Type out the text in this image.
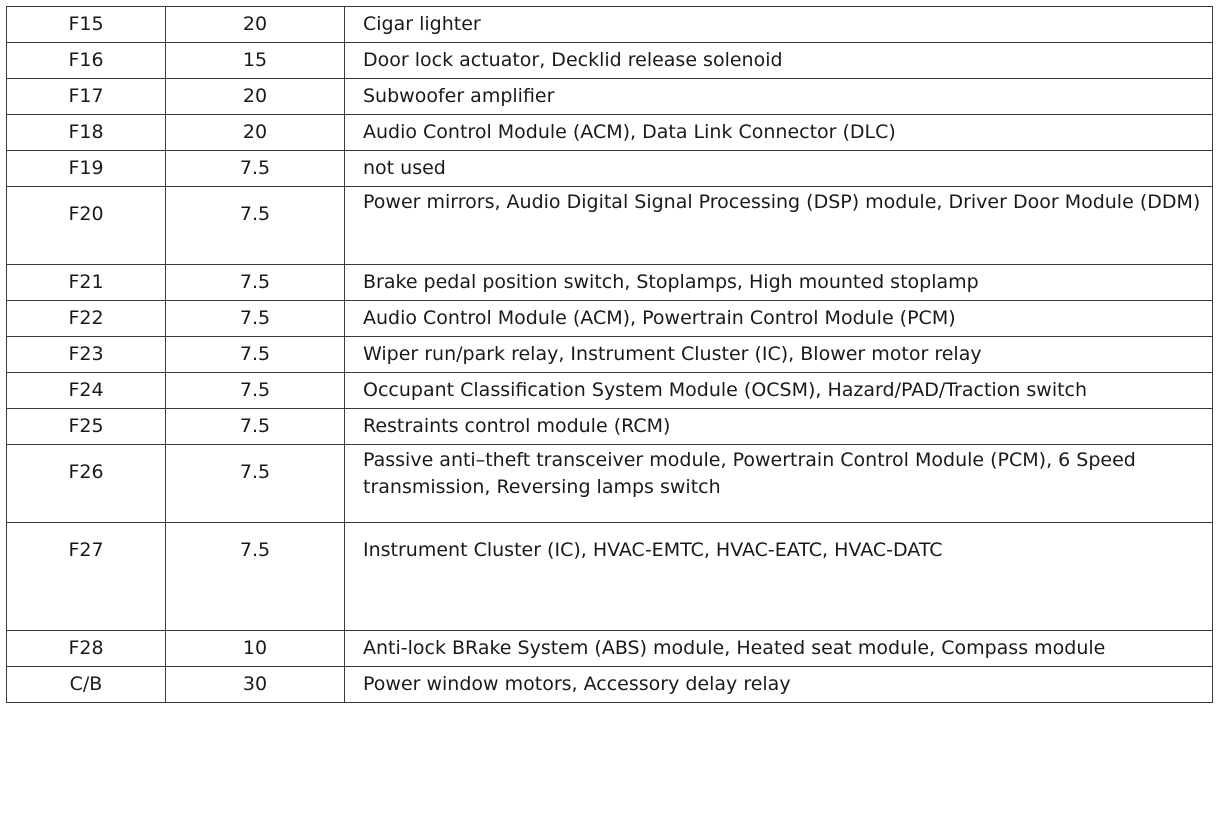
F15	20	Cigar lighter
F16	15	Door lock actuator, Decklid release solenoid
F17	20	Subwoofer amplifier
F18	20	Audio Control Module (ACM), Data Link Connector (DLC)
F19	7.5	not used
F20	7.5	Power mirrors, Audio Digital Signal Processing (DSP) module, Driver Door Module (DDM)
F21	7.5	Brake pedal position switch, Stoplamps, High mounted stoplamp
F22	7.5	Audio Control Module (ACM), Powertrain Control Module (PCM)
F23	7.5	Wiper run/park relay, Instrument Cluster (IC), Blower motor relay
F24	7.5	Occupant Classification System Module (OCSM), Hazard/PAD/Traction switch
F25	7.5	Restraints control module (RCM)
F26	7.5	Passive anti–theft transceiver module, Powertrain Control Module (PCM), 6 Speed transmission, Reversing lamps switch
F27	7.5	Instrument Cluster (IC), HVAC-EMTC, HVAC-EATC, HVAC-DATC
F28	10	Anti-lock BRake System (ABS) module, Heated seat module, Compass module
C/B	30	Power window motors, Accessory delay relay
